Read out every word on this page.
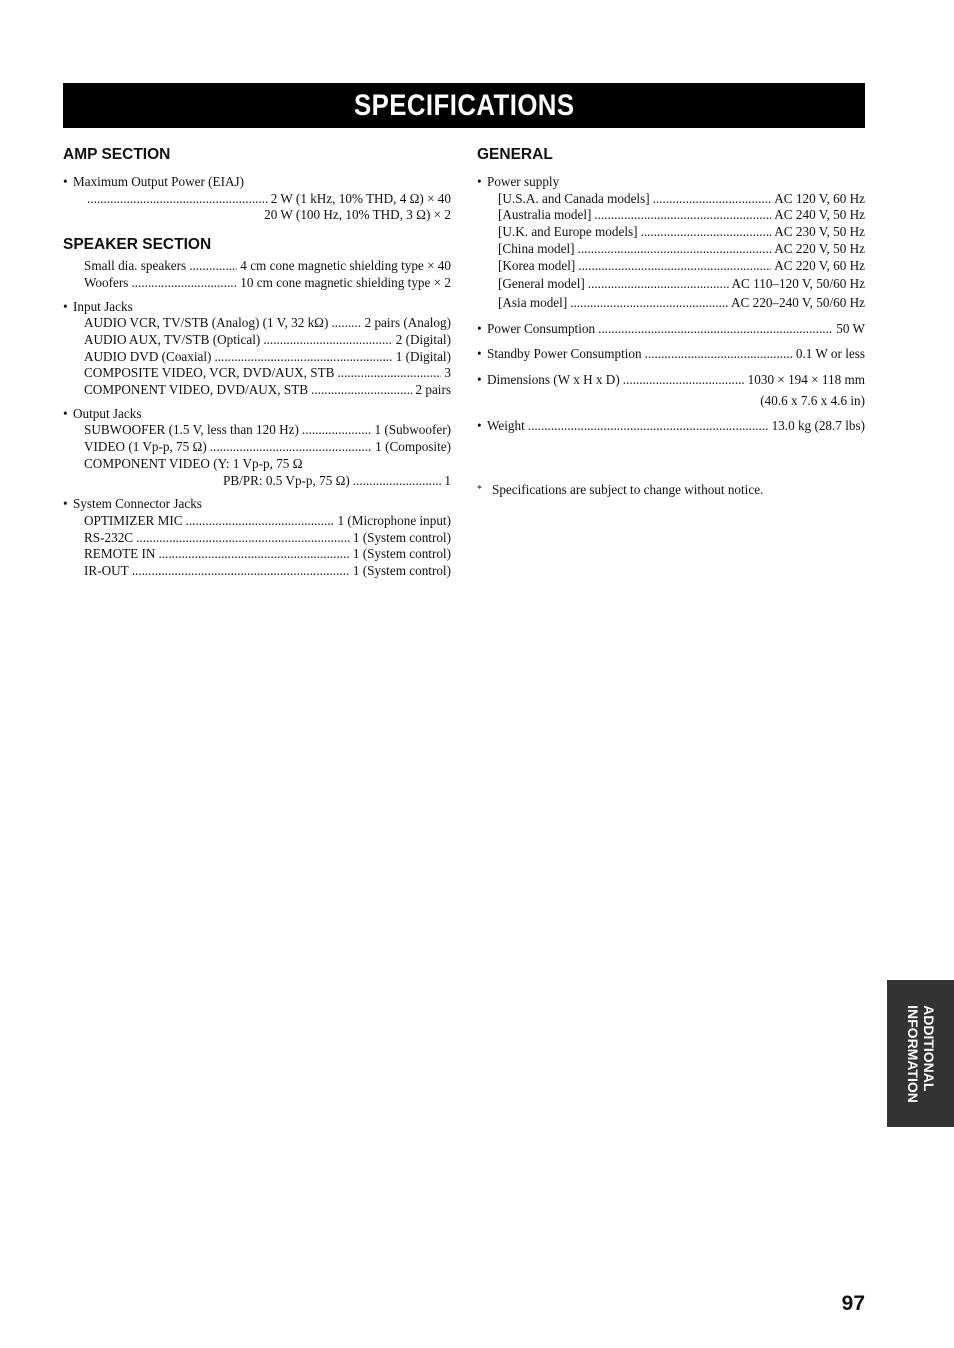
SPECIFICATIONS
AMP SECTION
• Maximum Output Power (EIAJ)
.....
2 W (1 kHz, 10% THD, 4 Ω) × 40
20 W (100 Hz, 10% THD, 3 Ω) × 2
SPEAKER SECTION
Small dia. speakers .....	4 cm cone magnetic shielding type × 40
Woofers .....	10 cm cone magnetic shielding type × 2
• Input Jacks
AUDIO VCR, TV/STB (Analog) (1 V, 32 kΩ) .....	2 pairs (Analog)
AUDIO AUX, TV/STB (Optical) .....	2 (Digital)
AUDIO DVD (Coaxial) .....	1 (Digital)
COMPOSITE VIDEO, VCR, DVD/AUX, STB .....	3
COMPONENT VIDEO, DVD/AUX, STB .....	2 pairs
• Output Jacks
SUBWOOFER (1.5 V, less than 120 Hz) .....	1 (Subwoofer)
VIDEO (1 Vp-p, 75 Ω) .....	1 (Composite)
COMPONENT VIDEO (Y: 1 Vp-p, 75 Ω
PB/PR: 0.5 Vp-p, 75 Ω) .....	1
• System Connector Jacks
OPTIMIZER MIC .....	1 (Microphone input)
RS-232C .....	1 (System control)
REMOTE IN .....	1 (System control)
IR-OUT .....	1 (System control)
GENERAL
• Power supply
[U.S.A. and Canada models] .....	AC 120 V, 60 Hz
[Australia model] .....	AC 240 V, 50 Hz
[U.K. and Europe models] .....	AC 230 V, 50 Hz
[China model] .....	AC 220 V, 50 Hz
[Korea model] .....	AC 220 V, 60 Hz
[General model] .....	AC 110–120 V, 50/60 Hz
[Asia model] .....	AC 220–240 V, 50/60 Hz
• Power Consumption .....	50 W
• Standby Power Consumption .....	0.1 W or less
• Dimensions (W x H x D) .....	1030 × 194 × 118 mm
(40.6 x 7.6 x 4.6 in)
• Weight .....	13.0 kg (28.7 lbs)
* Specifications are subject to change without notice.
ADDITIONAL
INFORMATION
97
